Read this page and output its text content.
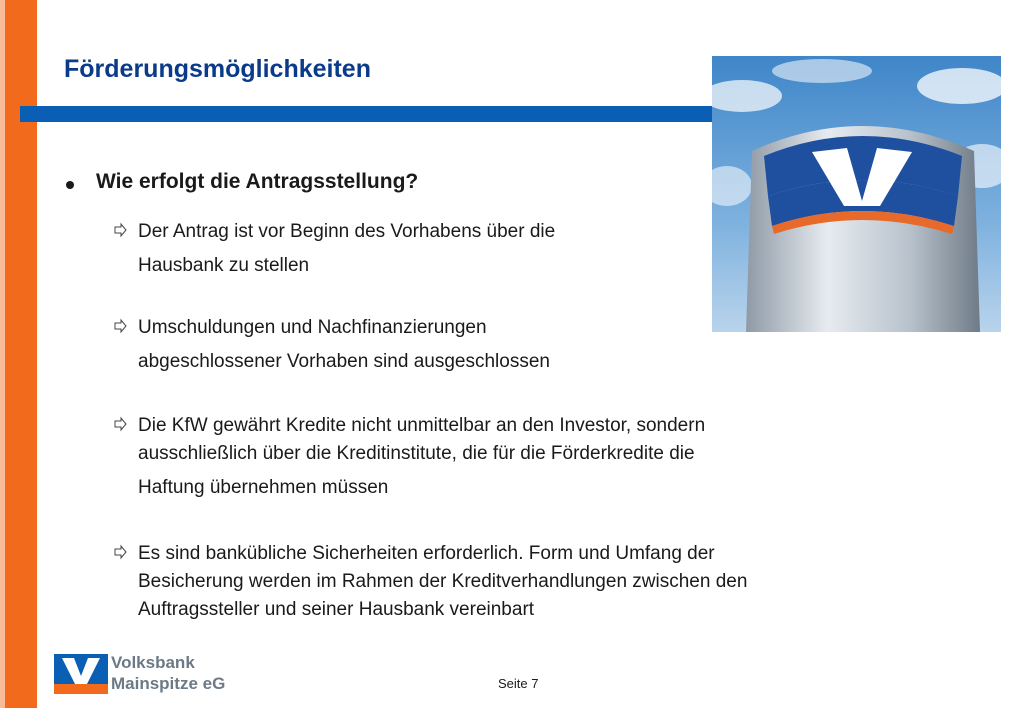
Förderungsmöglichkeiten
Wie erfolgt die Antragsstellung?
Der Antrag ist vor Beginn des Vorhabens über die
Hausbank zu stellen
Umschuldungen und Nachfinanzierungen
abgeschlossener Vorhaben sind ausgeschlossen
Die KfW gewährt Kredite nicht unmittelbar an den Investor, sondern
ausschließlich über die Kreditinstitute, die für die Förderkredite die
Haftung übernehmen müssen
Es sind bankübliche Sicherheiten erforderlich. Form und Umfang der
Besicherung werden im Rahmen der Kreditverhandlungen zwischen den
Auftragssteller und seiner Hausbank vereinbart
Volksbank
Mainspitze eG	Seite 7
